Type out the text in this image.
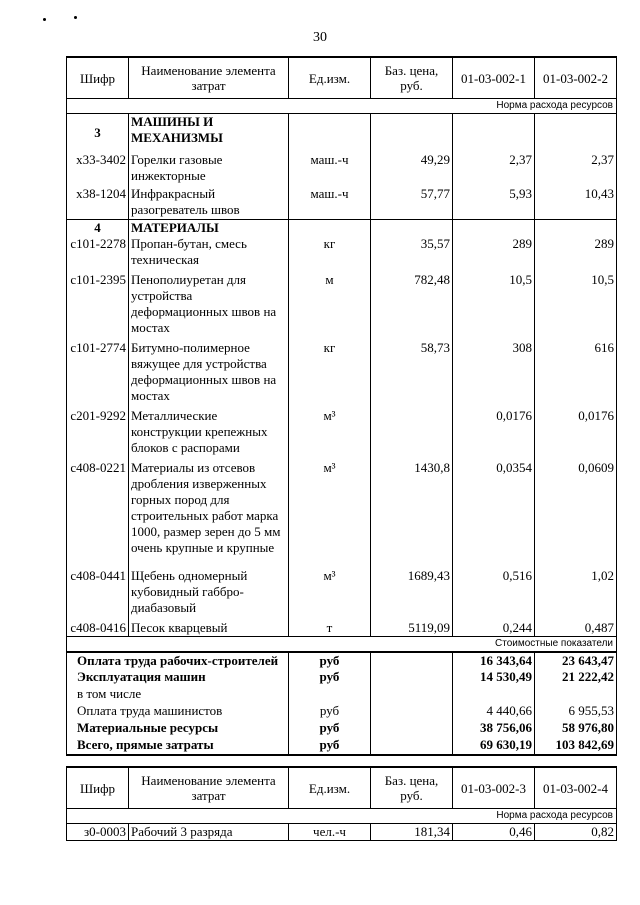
30
Шифр	Наименование элемента затрат	Ед.изм.	Баз. цена, руб.	01-03-002-1	01-03-002-2
Норма расхода ресурсов					
3	МАШИНЫ И МЕХАНИЗМЫ				
х33-3402	Горелки газовые инжекторные	маш.-ч	49,29	2,37	2,37
х38-1204	Инфракрасный разогреватель швов	маш.-ч	57,77	5,93	10,43
4	МАТЕРИАЛЫ				
с101-2278	Пропан-бутан, смесь техническая	кг	35,57	289	289
с101-2395	Пенополиуретан для устройства деформационных швов на мостах	м	782,48	10,5	10,5
с101-2774	Битумно-полимерное вяжущее для устройства деформационных швов на мостах	кг	58,73	308	616
с201-9292	Металлические конструкции крепежных блоков с распорами	м³		0,0176	0,0176
с408-0221	Материалы из отсевов дробления изверженных горных пород для строительных работ марка 1000, размер зерен до 5 мм очень крупные и крупные	м³	1430,8	0,0354	0,0609
с408-0441	Щебень одномерный кубовидный габбро-диабазовый	м³	1689,43	0,516	1,02
с408-0416	Песок кварцевый	т	5119,09	0,244	0,487
Стоимостные показатели					
Оплата труда рабочих-строителей		руб		16 343,64	23 643,47
Эксплуатация машин		руб		14 530,49	21 222,42
в том числе					
Оплата труда машинистов		руб		4 440,66	6 955,53
Материальные ресурсы		руб		38 756,06	58 976,80
Всего, прямые затраты		руб		69 630,19	103 842,69
Шифр	Наименование элемента затрат	Ед.изм.	Баз. цена, руб.	01-03-002-3	01-03-002-4
Норма расхода ресурсов					
з0-0003	Рабочий 3 разряда	чел.-ч	181,34	0,46	0,82
